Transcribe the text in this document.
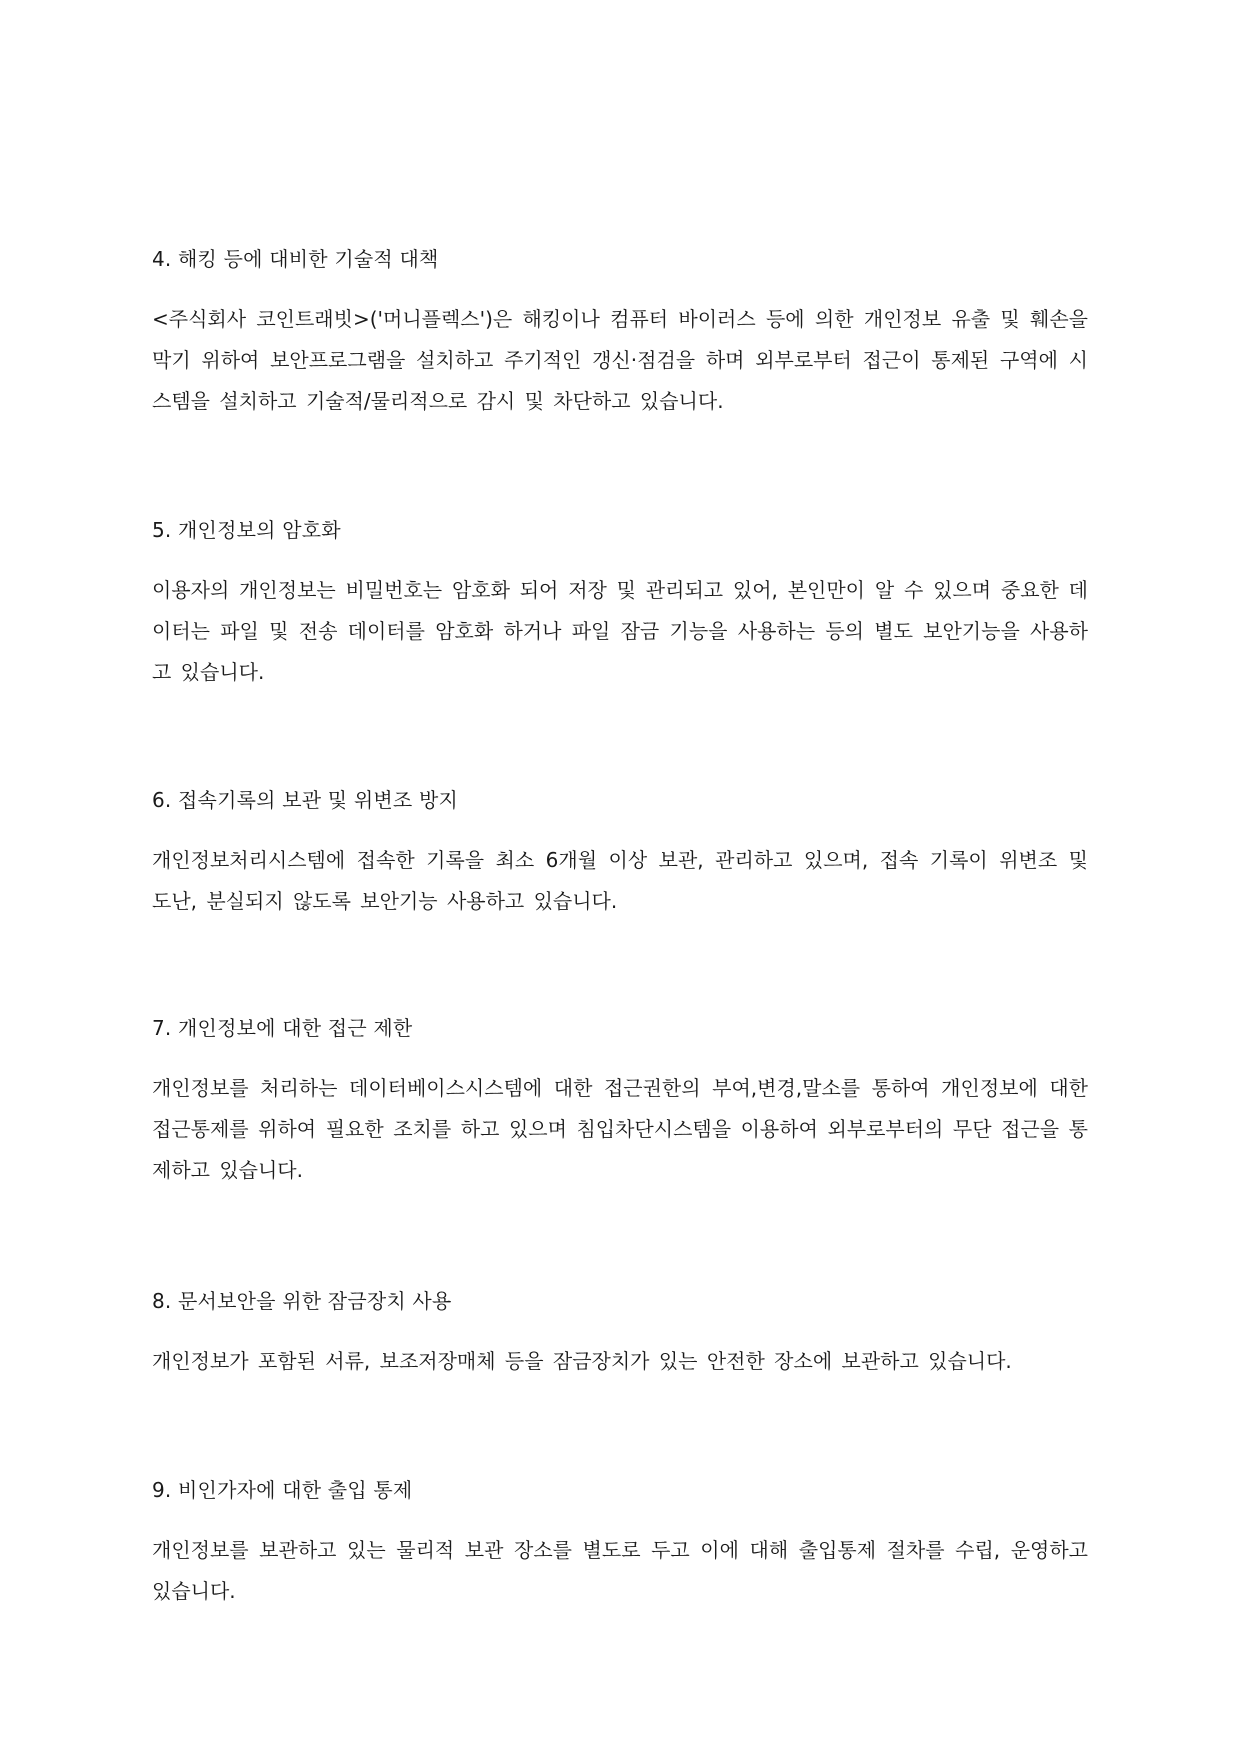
4. 해킹 등에 대비한 기술적 대책

<주식회사 코인트래빗>('머니플렉스')은 해킹이나 컴퓨터 바이러스 등에 의한 개인정보 유출 및 훼손을 막기 위하여 보안프로그램을 설치하고 주기적인 갱신·점검을 하며 외부로부터 접근이 통제된 구역에 시스템을 설치하고 기술적/물리적으로 감시 및 차단하고 있습니다.

5. 개인정보의 암호화

이용자의 개인정보는 비밀번호는 암호화 되어 저장 및 관리되고 있어, 본인만이 알 수 있으며 중요한 데이터는 파일 및 전송 데이터를 암호화 하거나 파일 잠금 기능을 사용하는 등의 별도 보안기능을 사용하고 있습니다.

6. 접속기록의 보관 및 위변조 방지

개인정보처리시스템에 접속한 기록을 최소 6개월 이상 보관, 관리하고 있으며, 접속 기록이 위변조 및 도난, 분실되지 않도록 보안기능 사용하고 있습니다.

7. 개인정보에 대한 접근 제한

개인정보를 처리하는 데이터베이스시스템에 대한 접근권한의 부여,변경,말소를 통하여 개인정보에 대한 접근통제를 위하여 필요한 조치를 하고 있으며 침입차단시스템을 이용하여 외부로부터의 무단 접근을 통제하고 있습니다.

8. 문서보안을 위한 잠금장치 사용

개인정보가 포함된 서류, 보조저장매체 등을 잠금장치가 있는 안전한 장소에 보관하고 있습니다.

9. 비인가자에 대한 출입 통제

개인정보를 보관하고 있는 물리적 보관 장소를 별도로 두고 이에 대해 출입통제 절차를 수립, 운영하고 있습니다.
